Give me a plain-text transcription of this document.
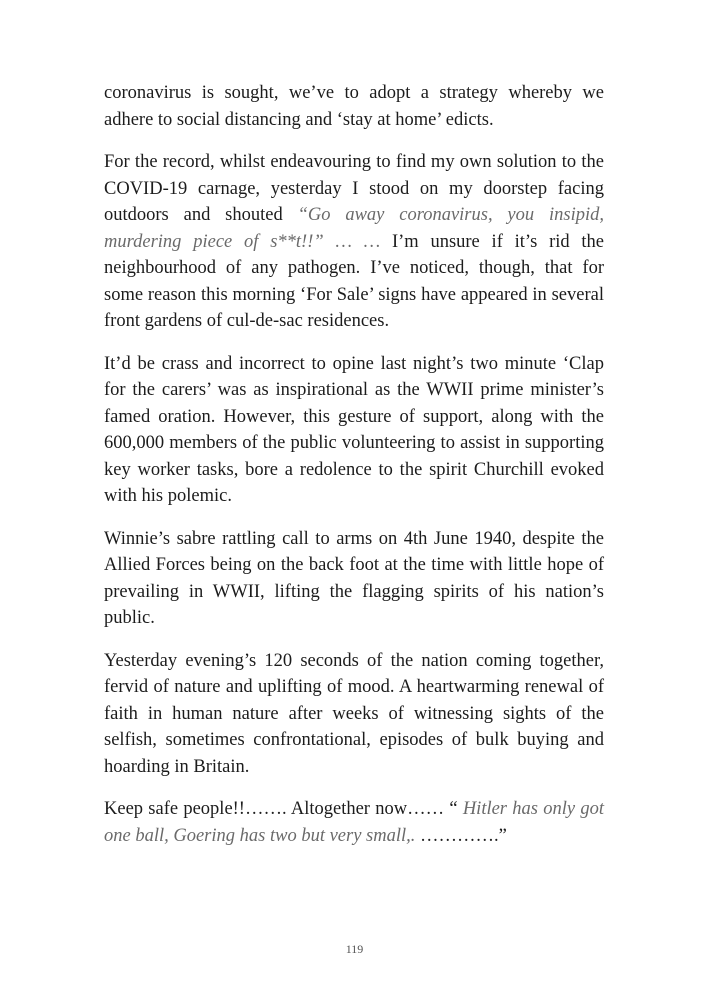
coronavirus is sought, we’ve to adopt a strategy whereby we adhere to social distancing and ‘stay at home’ edicts.

For the record, whilst endeavouring to find my own solution to the COVID-19 carnage, yesterday I stood on my doorstep facing outdoors and shouted “Go away coronavirus, you insipid, murdering piece of s**t!!” … … I’m unsure if it’s rid the neighbourhood of any pathogen. I’ve noticed, though, that for some reason this morning ‘For Sale’ signs have appeared in several front gardens of cul-de-sac residences.

It’d be crass and incorrect to opine last night’s two minute ‘Clap for the carers’ was as inspirational as the WWII prime minister’s famed oration. However, this gesture of support, along with the 600,000 members of the public volunteering to assist in supporting key worker tasks, bore a redolence to the spirit Churchill evoked with his polemic.

Winnie’s sabre rattling call to arms on 4th June 1940, despite the Allied Forces being on the back foot at the time with little hope of prevailing in WWII, lifting the flagging spirits of his nation’s public.

Yesterday evening’s 120 seconds of the nation coming together, fervid of nature and uplifting of mood. A heartwarming renewal of faith in human nature after weeks of witnessing sights of the selfish, sometimes confrontational, episodes of bulk buying and hoarding in Britain.

Keep safe people!!……. Altogether now…… “ Hitler has only got one ball, Goering has two but very small,. ………….”

119
